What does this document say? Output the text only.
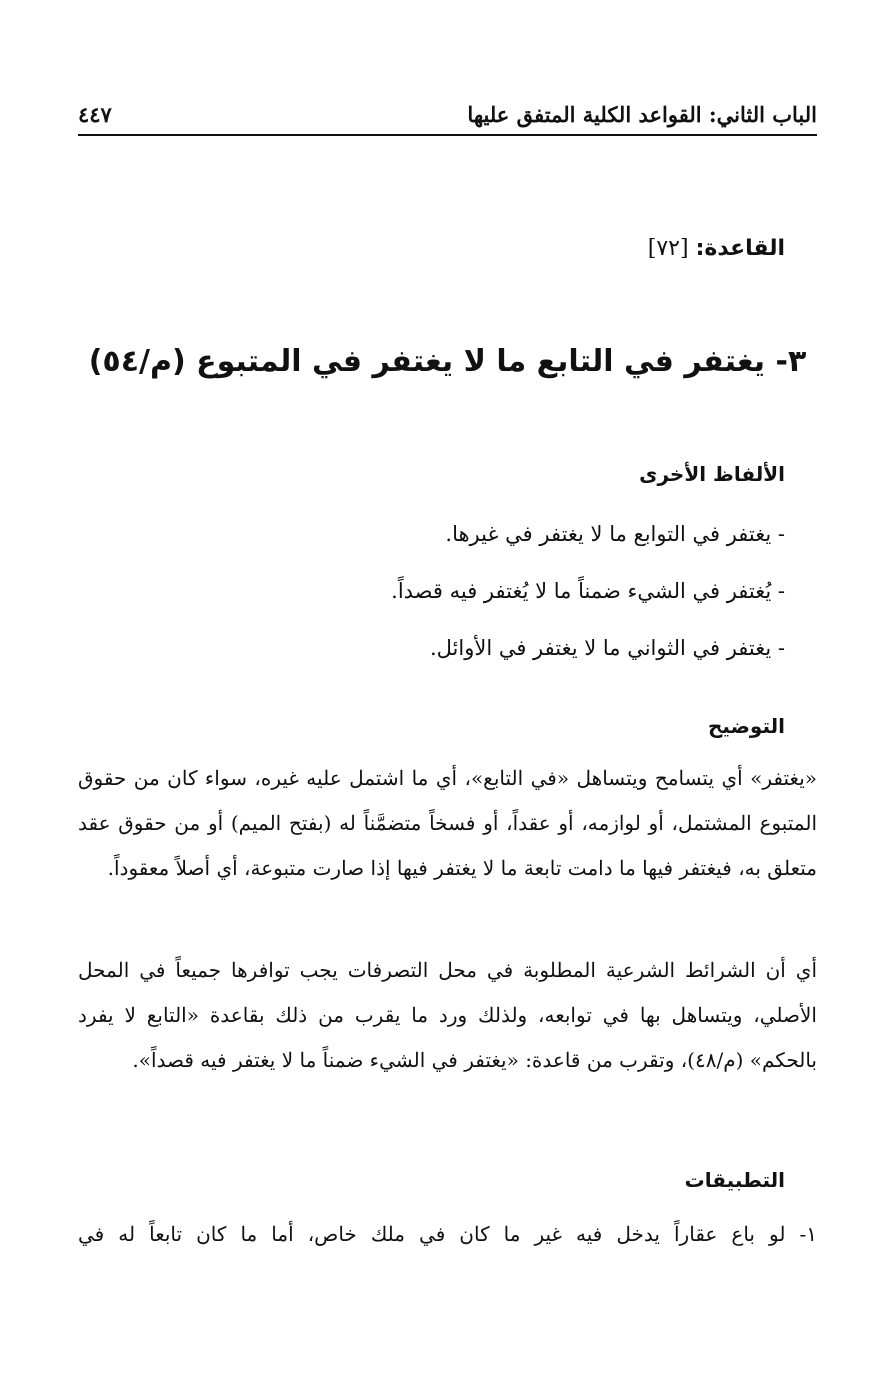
الباب الثاني: القواعد الكلية المتفق عليها
٤٤٧
القاعدة: [٧٢]
٣- يغتفر في التابع ما لا يغتفر في المتبوع (م/٥٤)
الألفاظ الأخرى
- يغتفر في التوابع ما لا يغتفر في غيرها.
- يُغتفر في الشيء ضمناً ما لا يُغتفر فيه قصداً.
- يغتفر في الثواني ما لا يغتفر في الأوائل.
التوضيح

«يغتفر» أي يتسامح ويتساهل «في التابع»، أي ما اشتمل عليه غيره، سواء كان من حقوق المتبوع المشتمل، أو لوازمه، أو عقداً، أو فسخاً متضمَّناً له (بفتح الميم) أو من حقوق عقد متعلق به، فيغتفر فيها ما دامت تابعة ما لا يغتفر فيها إذا صارت متبوعة، أي أصلاً معقوداً.

أي أن الشرائط الشرعية المطلوبة في محل التصرفات يجب توافرها جميعاً في المحل الأصلي، ويتساهل بها في توابعه، ولذلك ورد ما يقرب من ذلك بقاعدة «التابع لا يفرد بالحكم» (م/٤٨)، وتقرب من قاعدة: «يغتفر في الشيء ضمناً ما لا يغتفر فيه قصداً».

التطبيقات

١- لو باع عقاراً يدخل فيه غير ما كان في ملك خاص، أما ما كان تابعاً له في
